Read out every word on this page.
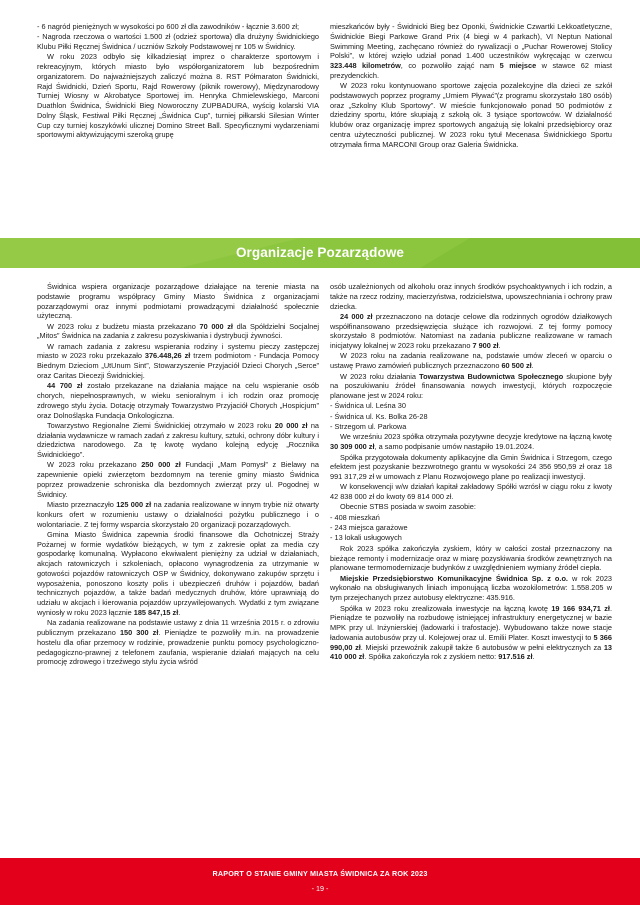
- 6 nagród pieniężnych w wysokości po 600 zł dla zawodników - łącznie 3.600 zł;

- Nagroda rzeczowa o wartości 1.500 zł (odzież sportowa) dla drużyny Świdnickiego Klubu Piłki Ręcznej Świdnica / uczniów Szkoły Podstawowej nr 105 w Świdnicy.

W roku 2023 odbyło się kilkadziesiąt imprez o charakterze sportowym i rekreacyjnym, których miasto było współorganizatorem lub bezpośrednim organizatorem. Do najważniejszych zaliczyć można 8. RST Półmaraton Świdnicki, Rajd Świdnicki, Dzień Sportu, Rajd Rowerowy (piknik rowerowy), Międzynarodowy Turniej Wiosny w Akrobatyce Sportowej im. Henryka Chmielewskiego, Marconi Duathlon Świdnica, Świdnicki Bieg Noworoczny ZUPBADURA, wyścig kolarski VIA Dolny Śląsk, Festiwal Piłki Ręcznej „Świdnica Cup”, turniej piłkarski Silesian Winter Cup czy turniej koszykówki ulicznej Domino Street Ball. Specyficznymi wydarzeniami sportowymi aktywizującymi szeroką grupę

mieszkańców były - Świdnicki Bieg bez Oponki, Świdnickie Czwartki Lekkoatletyczne, Świdnickie Biegi Parkowe Grand Prix (4 biegi w 4 parkach), VI Neptun National Swimming Meeting, zachęcano również do rywalizacji o „Puchar Rowerowej Stolicy Polski”, w której wzięło udział ponad 1.400 uczestników wykręcając w czerwcu 323.448 kilometrów, co pozwoliło zająć nam 5 miejsce w stawce 62 miast prezydenckich.

W 2023 roku kontynuowano sportowe zajęcia pozalekcyjne dla dzieci ze szkół podstawowych poprzez programy „Umiem Pływać”(z programu skorzystało 180 osób) oraz „Szkolny Klub Sportowy”. W mieście funkcjonowało ponad 50 podmiotów z dziedziny sportu, które skupiają z szkołą ok. 3 tysiące sportowców. W działalność klubów oraz organizację imprez sportowych angażują się lokalni przedsiębiorcy oraz centra użyteczności publicznej. W 2023 roku tytuł Mecenasa Świdnickiego Sportu otrzymała firma MARCONI Group oraz Galeria Świdnicka.

Organizacje Pozarządowe

Świdnica wspiera organizacje pozarządowe działające na terenie miasta na podstawie programu współpracy Gminy Miasto Świdnica z organizacjami pozarządowymi oraz innymi podmiotami prowadzącymi działalność społecznie użyteczną.

W 2023 roku z budżetu miasta przekazano 70 000 zł dla Spółdzielni Socjalnej „Mitos” Świdnica na zadania z zakresu pozyskiwania i dystrybucji żywności.

W ramach zadania z zakresu wspierania rodziny i systemu pieczy zastępczej miasto w 2023 roku przekazało 376.448,26 zł trzem podmiotom - Fundacja Pomocy Biednym Dzieciom „UtUnum Sint”, Stowarzyszenie Przyjaciół Dzieci Chorych „Serce” oraz Caritas Diecezji Świdnickiej.

44 700 zł zostało przekazane na działania mające na celu wspieranie osób chorych, niepełnosprawnych, w wieku senioralnym i ich rodzin oraz promocję zdrowego stylu życia. Dotację otrzymały Towarzystwo Przyjaciół Chorych „Hospicjum” oraz Dolnośląska Fundacja Onkologiczna.

Towarzystwo Regionalne Ziemi Świdnickiej otrzymało w 2023 roku 20 000 zł na działania wydawnicze w ramach zadań z zakresu kultury, sztuki, ochrony dóbr kultury i dziedzictwa narodowego. Za tę kwotę wydano kolejną edycję „Rocznika Świdnickiego”.

W 2023 roku przekazano 250 000 zł Fundacji „Mam Pomysł” z Bielawy na zapewnienie opieki zwierzętom bezdomnym na terenie gminy miasto Świdnica poprzez prowadzenie schroniska dla bezdomnych zwierząt przy ul. Pogodnej w Świdnicy.

Miasto przeznaczyło 125 000 zł na zadania realizowane w innym trybie niż otwarty konkurs ofert w rozumieniu ustawy o działalności pożytku publicznego i o wolontariacie. Z tej formy wsparcia skorzystało 20 organizacji pozarządowych.

Gmina Miasto Świdnica zapewnia środki finansowe dla Ochotniczej Straży Pożarnej w formie wydatków bieżących, w tym z zakresie opłat za media czy gospodarkę komunalną. Wypłacono ekwiwalent pieniężny za udział w działaniach, akcjach ratowniczych i szkoleniach, opłacono wynagrodzenia za utrzymanie w gotowości pojazdów ratowniczych OSP w Świdnicy, dokonywano zakupów sprzętu i wyposażenia, ponoszono koszty polis i ubezpieczeń druhów i pojazdów, badań technicznych pojazdów, a także badań medycznych druhów, które uprawniają do udziału w akcjach i kierowania pojazdów uprzywilejowanych. Wydatki z tym związane wyniosły w roku 2023 łącznie 185 847,15 zł.

Na zadania realizowane na podstawie ustawy z dnia 11 września 2015 r. o zdrowiu publicznym przekazano 150 300 zł. Pieniądze te pozwoliły m.in. na prowadzenie hostelu dla ofiar przemocy w rodzinie, prowadzenie punktu pomocy psychologiczno-pedagogiczno-prawnej z telefonem zaufania, wspieranie działań mających na celu promocję zdrowego i trzeźwego stylu życia wśród

osób uzależnionych od alkoholu oraz innych środków psychoaktywnych i ich rodzin, a także na rzecz rodziny, macierzyństwa, rodzicielstwa, upowszechniania i ochrony praw dziecka.

24 000 zł przeznaczono na dotacje celowe dla rodzinnych ogrodów działkowych współfinansowano przedsięwzięcia służące ich rozwojowi. Z tej formy pomocy skorzystało 8 podmiotów. Natomiast na zadania publiczne realizowane w ramach inicjatywy lokalnej w 2023 roku przekazano 7 900 zł.

W 2023 roku na zadania realizowane na, podstawie umów zleceń w oparciu o ustawę Prawo zamówień publicznych przeznaczono 60 500 zł.

W 2023 roku działania Towarzystwa Budownictwa Społecznego skupione były na poszukiwaniu źródeł finansowania nowych inwestycji, których rozpoczęcie planowane jest w 2024 roku:

- Świdnica ul. Leśna 30

- Świdnica ul. Ks. Bolka 26-28

- Strzegom ul. Parkowa

We wrześniu 2023 spółka otrzymała pozytywne decyzje kredytowe na łączną kwotę 30 309 000 zł, a samo podpisanie umów nastąpiło 19.01.2024.

Spółka przygotowała dokumenty aplikacyjne dla Gmin Świdnica i Strzegom, czego efektem jest pozyskanie bezzwrotnego grantu w wysokości 24 356 950,59 zł oraz 18 991 317,29 zł w umowach z Planu Rozwojowego plane po realizacji inwestycji.

W konsekwencji w/w działań kapitał zakładowy Spółki wzrósł w ciągu roku z kwoty 42 838 000 zł do kwoty 69 814 000 zł.

Obecnie STBS posiada w swoim zasobie:

- 408 mieszkań

- 243 miejsca garażowe

- 13 lokali usługowych

Rok 2023 spółka zakończyła zyskiem, który w całości został przeznaczony na bieżące remonty i modernizacje oraz w miarę pozyskiwania środków zewnętrznych na planowane termomodernizacje budynków z uwzględnieniem wymiany źródeł ciepła.

Miejskie Przedsiębiorstwo Komunikacyjne Świdnica Sp. z o.o. w rok 2023 wykonało na obsługiwanych liniach imponującą liczba wozokilometrów: 1.558.205 w tym przejechanych przez autobusy elektryczne: 435.916.

Spółka w 2023 roku zrealizowała inwestycje na łączną kwotę 19 166 934,71 zł. Pieniądze te pozwoliły na rozbudowę istniejącej infrastruktury energetycznej w bazie MPK przy ul. Inżynierskiej (ładowarki i trafostacje). Wybudowano także nowe stacje ładowania autobusów przy ul. Kolejowej oraz ul. Emilii Plater. Koszt inwestycji to 5 366 990,00 zł. Miejski przewoźnik zakupił także 6 autobusów w pełni elektrycznych za 13 410 000 zł. Spółka zakończyła rok z zyskiem netto: 917.516 zł.

RAPORT O STANIE GMINY MIASTA ŚWIDNICA ZA ROK 2023
- 19 -
